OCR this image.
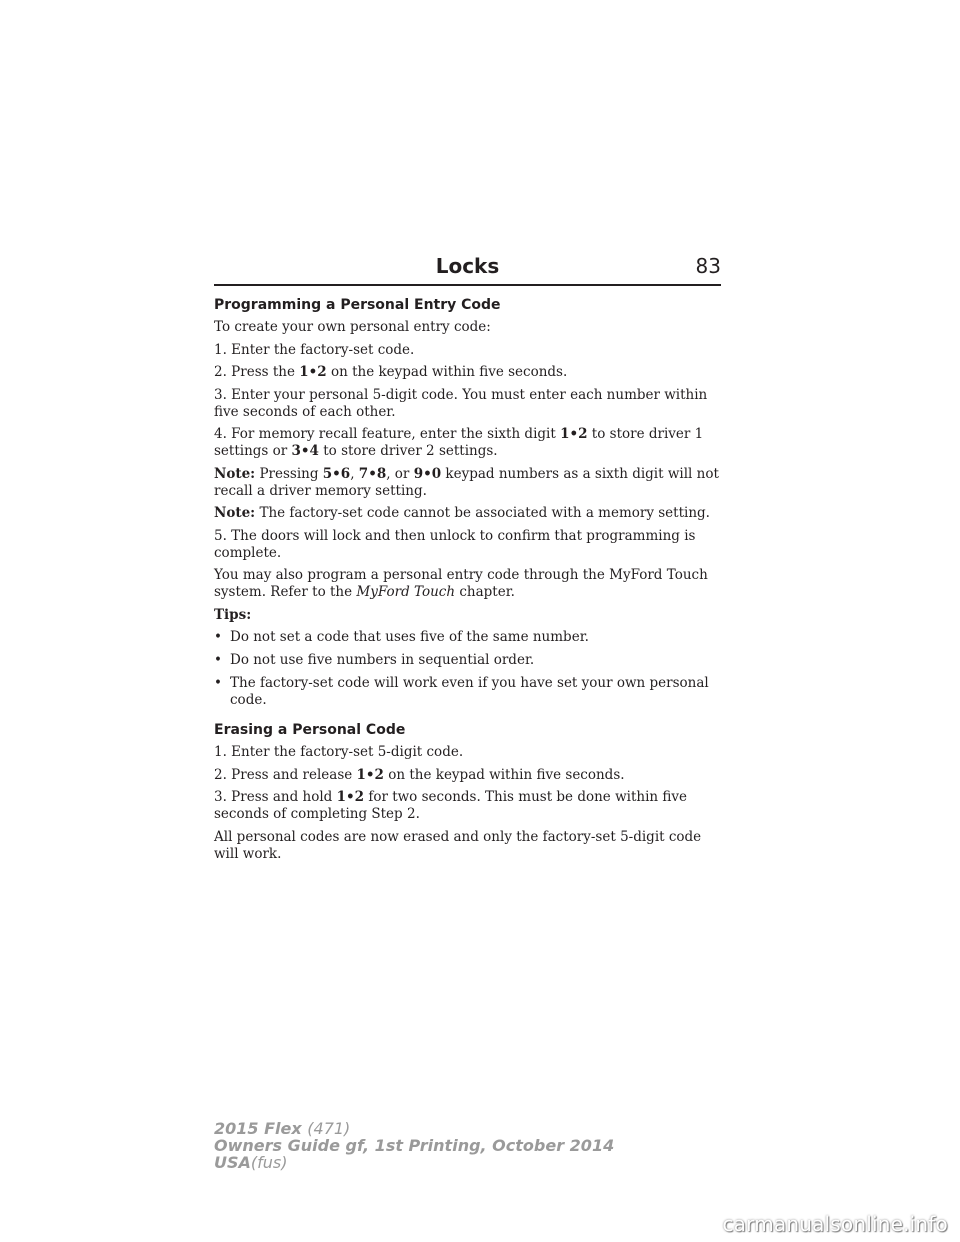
Locks	83
Programming a Personal Entry Code

To create your own personal entry code:

1. Enter the factory-set code.

2. Press the 1•2 on the keypad within five seconds.

3. Enter your personal 5-digit code. You must enter each number within five seconds of each other.

4. For memory recall feature, enter the sixth digit 1•2 to store driver 1 settings or 3•4 to store driver 2 settings.

Note: Pressing 5•6, 7•8, or 9•0 keypad numbers as a sixth digit will not recall a driver memory setting.

Note: The factory-set code cannot be associated with a memory setting.

5. The doors will lock and then unlock to confirm that programming is complete.

You may also program a personal entry code through the MyFord Touch system. Refer to the MyFord Touch chapter.

Tips:

• Do not set a code that uses five of the same number.
• Do not use five numbers in sequential order.
• The factory-set code will work even if you have set your own personal code.
Erasing a Personal Code

1. Enter the factory-set 5-digit code.

2. Press and release 1•2 on the keypad within five seconds.

3. Press and hold 1•2 for two seconds. This must be done within five seconds of completing Step 2.

All personal codes are now erased and only the factory-set 5-digit code will work.

2015 Flex (471)
Owners Guide gf, 1st Printing, October 2014
USA(fus)
carmanualsonline.info
